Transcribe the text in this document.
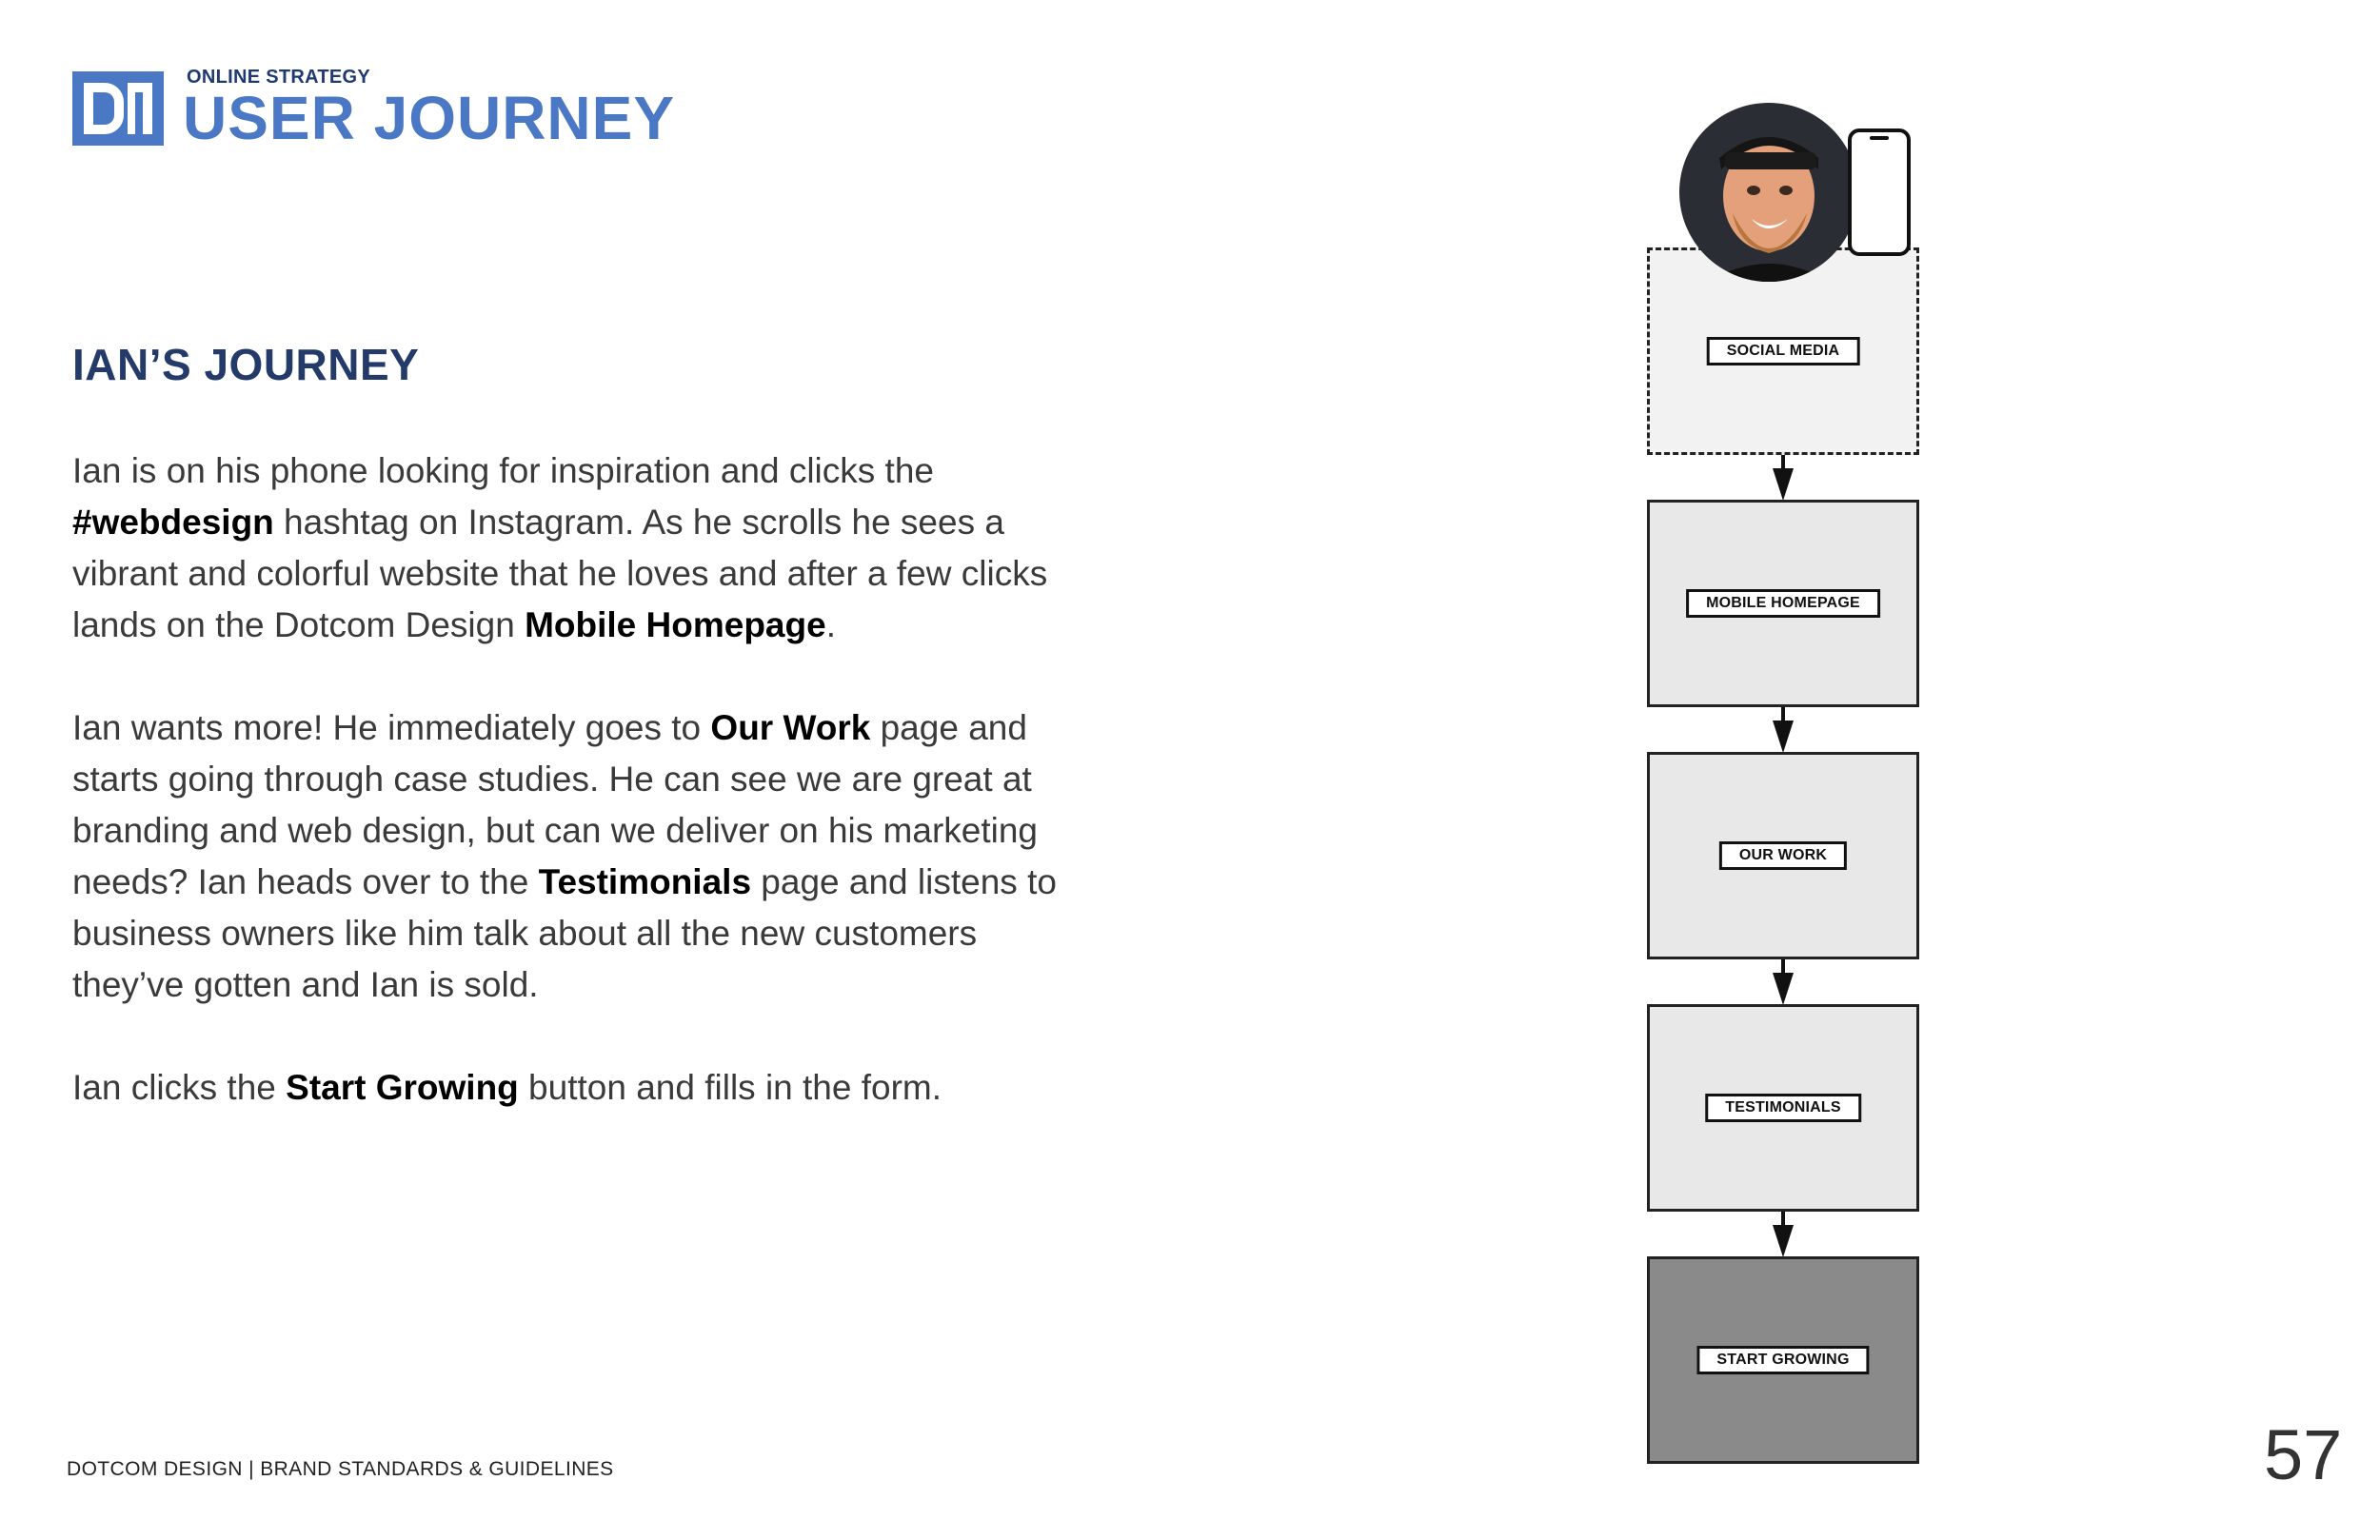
ONLINE STRATEGY
USER JOURNEY
IAN’S JOURNEY

Ian is on his phone looking for inspiration and clicks the #webdesign hashtag on Instagram. As he scrolls he sees a vibrant and colorful website that he loves and after a few clicks lands on the Dotcom Design Mobile Homepage.

Ian wants more! He immediately goes to Our Work page and starts going through case studies. He can see we are great at branding and web design, but can we deliver on his marketing needs? Ian heads over to the Testimonials page and listens to business owners like him talk about all the new customers they’ve gotten and Ian is sold.

Ian clicks the Start Growing button and fills in the form.

SOCIAL MEDIA
MOBILE HOMEPAGE
OUR WORK
TESTIMONIALS
START GROWING
DOTCOM DESIGN | BRAND STANDARDS & GUIDELINES	57
